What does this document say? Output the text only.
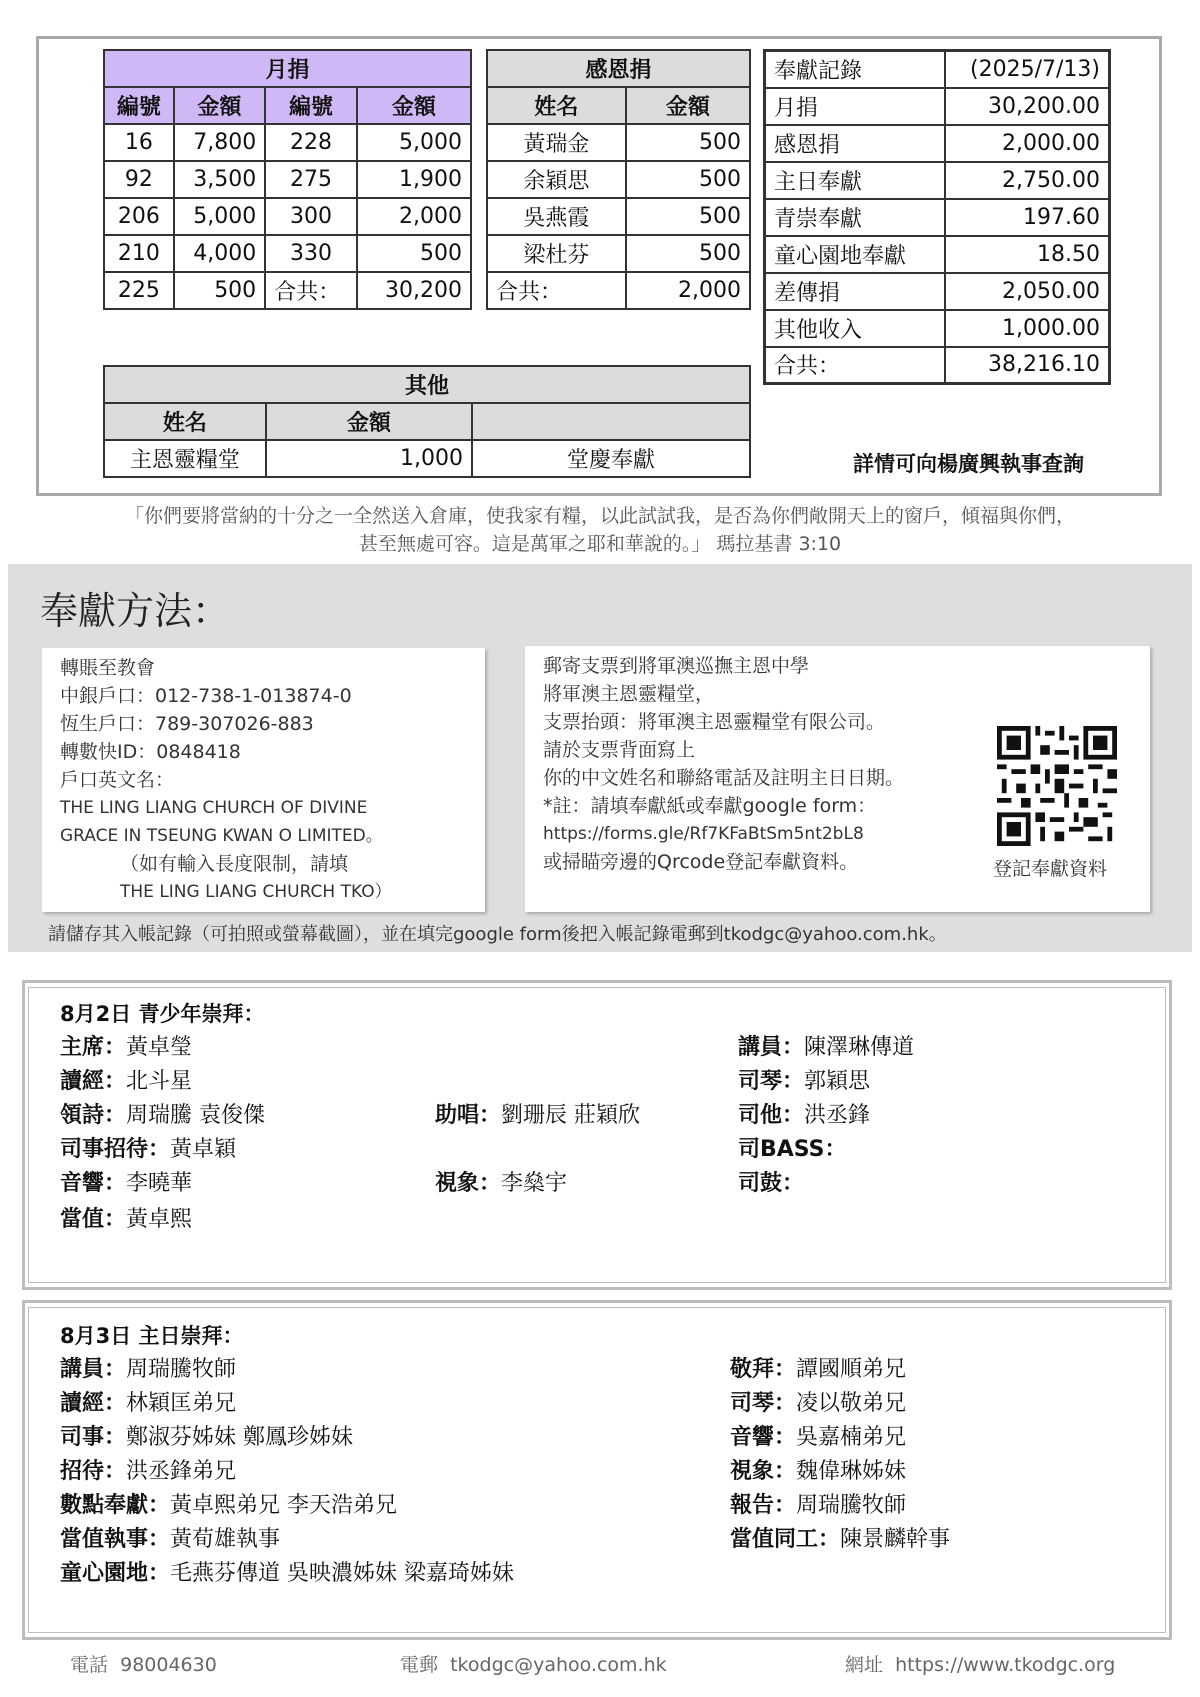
月捐			
編號	金額	編號	金額
16	7,800	228	5,000
92	3,500	275	1,900
206	5,000	300	2,000
210	4,000	330	500
225	500	合共：	30,200
感恩捐	
姓名	金額
黃瑞金	500
余穎思	500
吳燕霞	500
梁杜芬	500
合共：	2,000
奉獻記錄	(2025/7/13)
月捐	30,200.00
感恩捐	2,000.00
主日奉獻	2,750.00
青崇奉獻	197.60
童心園地奉獻	18.50
差傳捐	2,050.00
其他收入	1,000.00
合共：	38,216.10
其他		
姓名	金額	
主恩靈糧堂	1,000	堂慶奉獻	詳情可向楊廣興執事查詢
「你們要將當納的十分之一全然送入倉庫，使我家有糧，以此試試我，是否為你們敞開天上的窗戶，傾福與你們，
甚至無處可容。這是萬軍之耶和華說的。」 瑪拉基書 3:10
奉獻方法：
轉賬至教會
中銀戶口：012-738-1-013874-0
恆生戶口：789-307026-883
轉數快ID：0848418
戶口英文名：
THE LING LIANG CHURCH OF DIVINE
GRACE IN TSEUNG KWAN O LIMITED。
（如有輸入長度限制，請填
THE LING LIANG CHURCH TKO）
郵寄支票到將軍澳巡撫主恩中學
將軍澳主恩靈糧堂，
支票抬頭：將軍澳主恩靈糧堂有限公司。
請於支票背面寫上
你的中文姓名和聯絡電話及註明主日日期。
*註：請填奉獻紙或奉獻google form：
https://forms.gle/Rf7KFaBtSm5nt2bL8
或掃瞄旁邊的Qrcode登記奉獻資料。	登記奉獻資料
請儲存其入帳記錄（可拍照或螢幕截圖），並在填完google form後把入帳記錄電郵到tkodgc@yahoo.com.hk。
8月2日 青少年崇拜：
主席：黃卓瑩	講員：陳澤琳傳道
讀經：北斗星	司琴：郭穎思
領詩：周瑞騰 袁俊傑	助唱：劉珊辰 莊穎欣	司他：洪丞鋒
司事招待：黃卓穎	司BASS：
音響：李曉華	視象：李燊宇	司鼓：
當值：黃卓熙
8月3日 主日崇拜：
講員：周瑞騰牧師	敬拜：譚國順弟兄
讀經：林穎匡弟兄	司琴：凌以敬弟兄
司事：鄭淑芬姊妹 鄭鳳珍姊妹	音響：吳嘉楠弟兄
招待：洪丞鋒弟兄	視象：魏偉琳姊妹
數點奉獻：黃卓熙弟兄 李天浩弟兄	報告：周瑞騰牧師
當值執事：黃荀雄執事	當值同工：陳景麟幹事
童心園地：毛燕芬傳道 吳映濃姊妹 梁嘉琦姊妹
電話 98004630	電郵 tkodgc@yahoo.com.hk	網址 https://www.tkodgc.org
